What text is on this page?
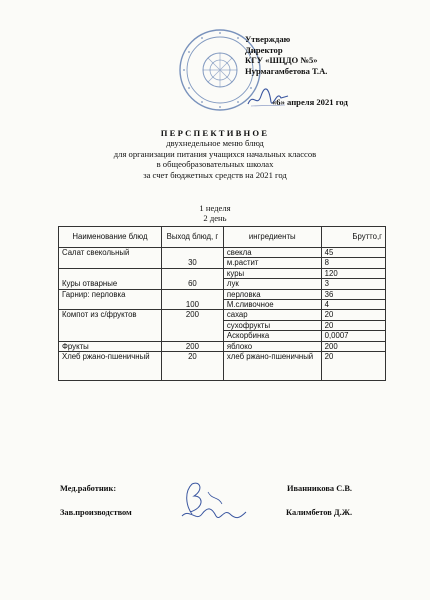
Утверждаю
Директор
КГУ «ШЦДО №5»
Нурмагамбетова Т.А.
«6» апреля 2021 год
ПЕРСПЕКТИВНОЕ
двухнедельное меню блюд
для организации питания учащихся начальных классов
в общеобразовательных школах
за счет бюджетных средств на 2021 год
1 неделя
2 день
Наименование блюд	Выход блюд, г	ингредиенты	Брутто,г
Салат свекольный	30	свекла	45
		м.растит	8
Куры отварные	60	куры	120
		лук	3
Гарнир: перловка	100	перловка	36
		М.сливочное	4
Компот из с/фруктов	200	сахар	20
		сухофрукты	20
		Аскорбинка	0,0007
Фрукты	200	яблоко	200
Хлеб ржано-пшеничный	20	хлеб ржано-пшеничный	20
Мед.работник:	Иванникова С.В.
Зав.производством	Калимбетов Д.Ж.
